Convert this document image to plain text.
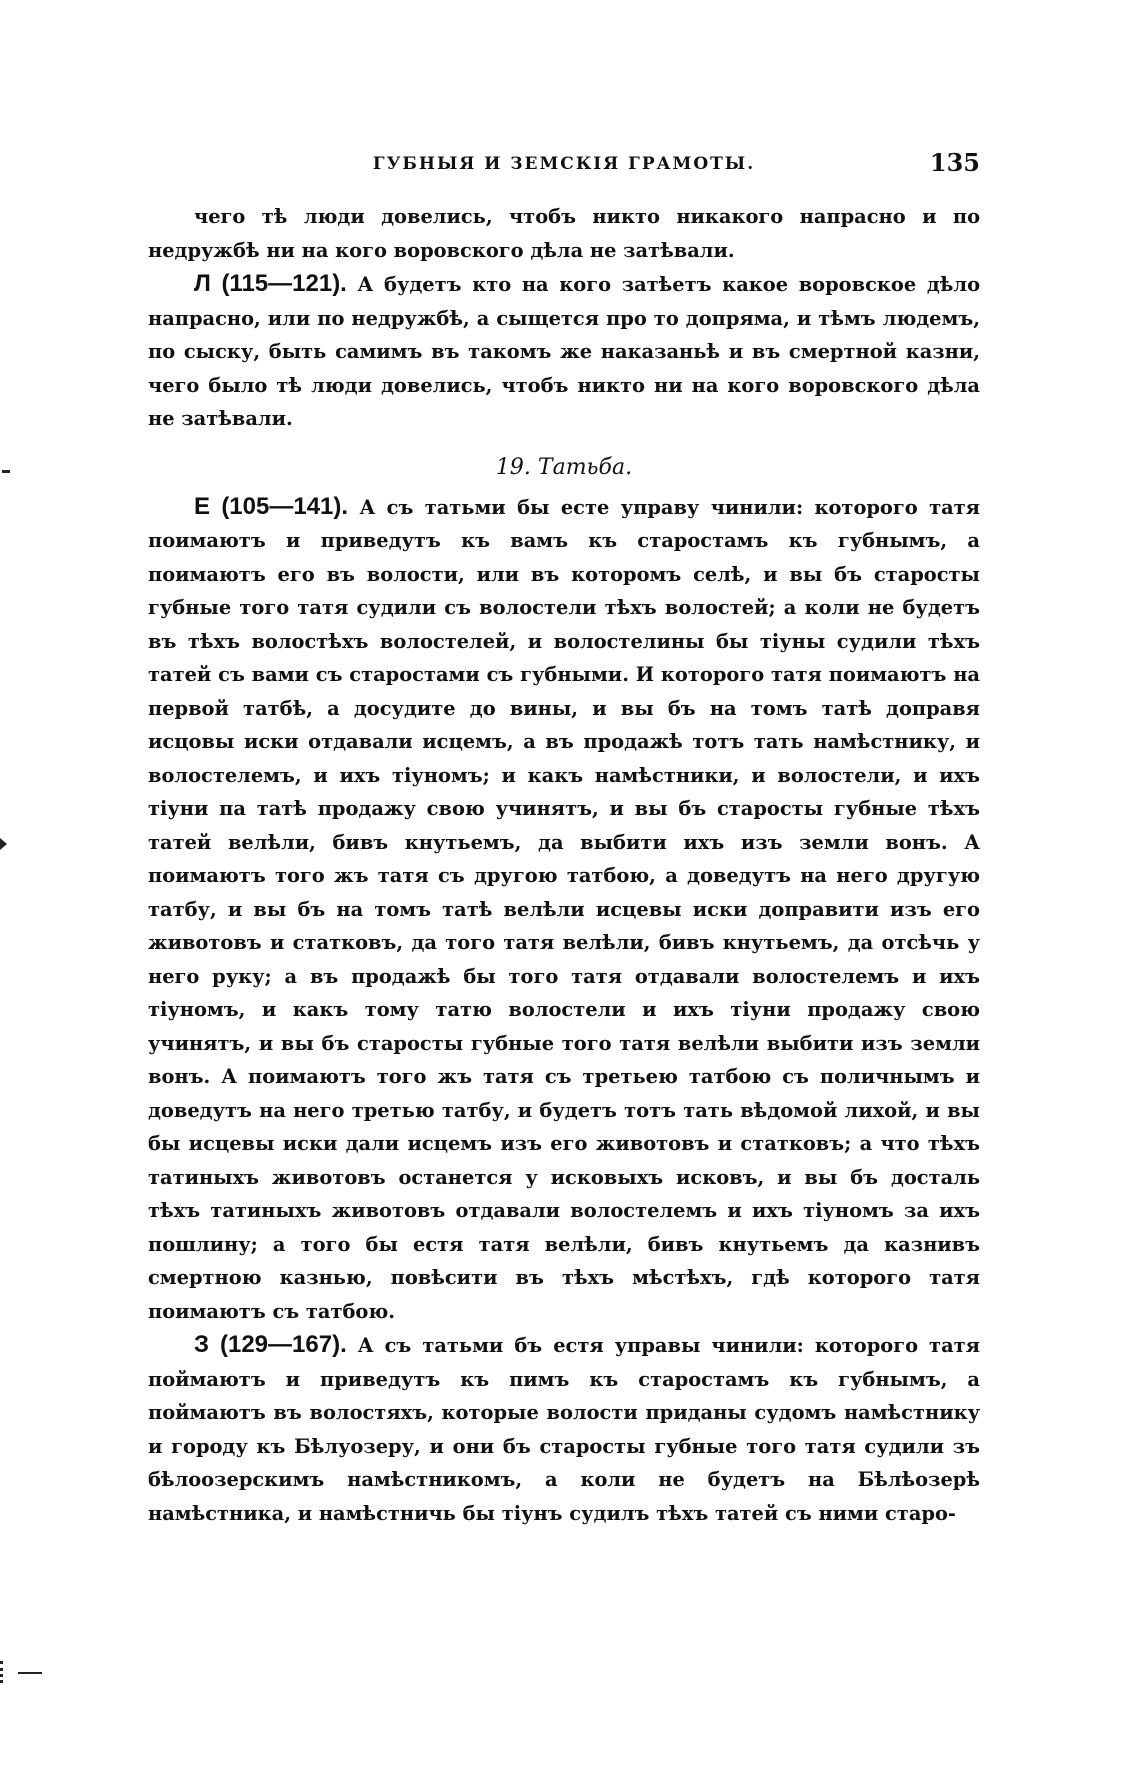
ГУБНЫЯ И ЗЕМСКІЯ ГРАМОТЫ.	135

чего тѣ люди довелись, чтобъ никто никакого напрасно и по недружбѣ ни на кого воровского дѣла не затѣвали.

Л (115—121). А будетъ кто на кого затѣетъ какое воровское дѣло напрасно, или по недружбѣ, а сыщется про то допряма, и тѣмъ людемъ, по сыску, быть самимъ въ такомъ же наказаньѣ и въ смертной казни, чего было тѣ люди довелись, чтобъ никто ни на кого воровского дѣла не затѣвали.

19. Татьба.

Е (105—141). А съ татьми бы есте управу чинили: которого татя поимаютъ и приведутъ къ вамъ къ старостамъ къ губнымъ, а поимаютъ его въ волости, или въ которомъ селѣ, и вы бъ старосты губные того татя судили съ волостели тѣхъ волостей; а коли не будетъ въ тѣхъ волостѣхъ волостелей, и волостелины бы тіуны судили тѣхъ татей съ вами съ старостами съ губными. И которого татя поимаютъ на первой татбѣ, а досудите до вины, и вы бъ на томъ татѣ доправя исцовы иски отдавали исцемъ, а въ продажѣ тотъ тать намѣстнику, и волостелемъ, и ихъ тіуномъ; и какъ намѣстники, и волостели, и ихъ тіуни па татѣ продажу свою учинятъ, и вы бъ старосты губные тѣхъ татей велѣли, бивъ кнутьемъ, да выбити ихъ изъ земли вонъ. А поимаютъ того жъ татя съ другою татбою, а доведутъ на него другую татбу, и вы бъ на томъ татѣ велѣли исцевы иски доправити изъ его животовъ и статковъ, да того татя велѣли, бивъ кнутьемъ, да отсѣчь у него руку; а въ продажѣ бы того татя отдавали волостелемъ и ихъ тіуномъ, и какъ тому татю волостели и ихъ тіуни продажу свою учинятъ, и вы бъ старосты губные того татя велѣли выбити изъ земли вонъ. А поимаютъ того жъ татя съ третьею татбою съ поличнымъ и доведутъ на него третью татбу, и будетъ тотъ тать вѣдомой лихой, и вы бы исцевы иски дали исцемъ изъ его животовъ и статковъ; а что тѣхъ татиныхъ животовъ останется у исковыхъ исковъ, и вы бъ досталь тѣхъ татиныхъ животовъ отдавали волостелемъ и ихъ тіуномъ за ихъ пошлину; а того бы естя татя велѣли, бивъ кнутьемъ да казнивъ смертною казнью, повѣсити въ тѣхъ мѣстѣхъ, гдѣ которого татя поимаютъ съ татбою.

З (129—167). А съ татьми бъ естя управы чинили: которого татя поймаютъ и приведутъ къ пимъ къ старостамъ къ губнымъ, а поймаютъ въ волостяхъ, которые волости приданы судомъ намѣстнику и городу къ Бѣлуозеру, и они бъ старосты губные того татя судили зъ бѣлоозерскимъ намѣстникомъ, а коли не будетъ на Бѣлѣозерѣ намѣстника, и намѣстничь бы тіунъ судилъ тѣхъ татей съ ними старо-
